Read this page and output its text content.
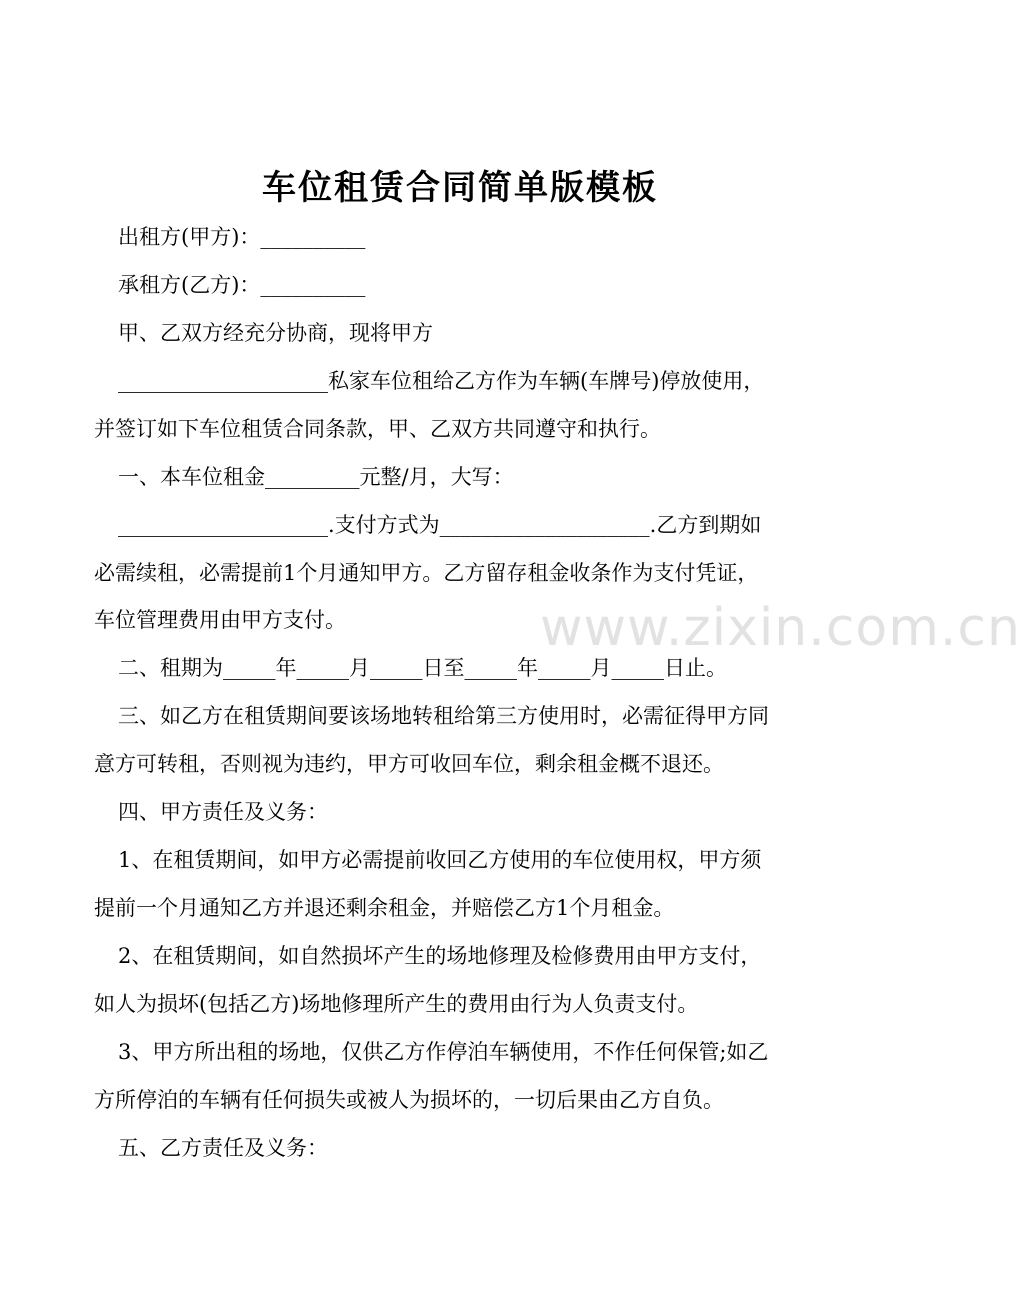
车位租赁合同简单版模板
www.zixin.com.cn
出租方(甲方)：__________
承租方(乙方)：__________
甲、乙双方经充分协商，现将甲方
____________________私家车位租给乙方作为车辆(车牌号)停放使用，
并签订如下车位租赁合同条款，甲、乙双方共同遵守和执行。
一、本车位租金_________元整/月，大写：
____________________.支付方式为____________________.乙方到期如
必需续租，必需提前1个月通知甲方。乙方留存租金收条作为支付凭证，
车位管理费用由甲方支付。
二、租期为_____年_____月_____日至_____年_____月_____日止。
三、如乙方在租赁期间要该场地转租给第三方使用时，必需征得甲方同
意方可转租，否则视为违约，甲方可收回车位，剩余租金概不退还。
四、甲方责任及义务：
1、在租赁期间，如甲方必需提前收回乙方使用的车位使用权，甲方须
提前一个月通知乙方并退还剩余租金，并赔偿乙方1个月租金。
2、在租赁期间，如自然损坏产生的场地修理及检修费用由甲方支付，
如人为损坏(包括乙方)场地修理所产生的费用由行为人负责支付。
3、甲方所出租的场地，仅供乙方作停泊车辆使用，不作任何保管;如乙
方所停泊的车辆有任何损失或被人为损坏的，一切后果由乙方自负。
五、乙方责任及义务：
